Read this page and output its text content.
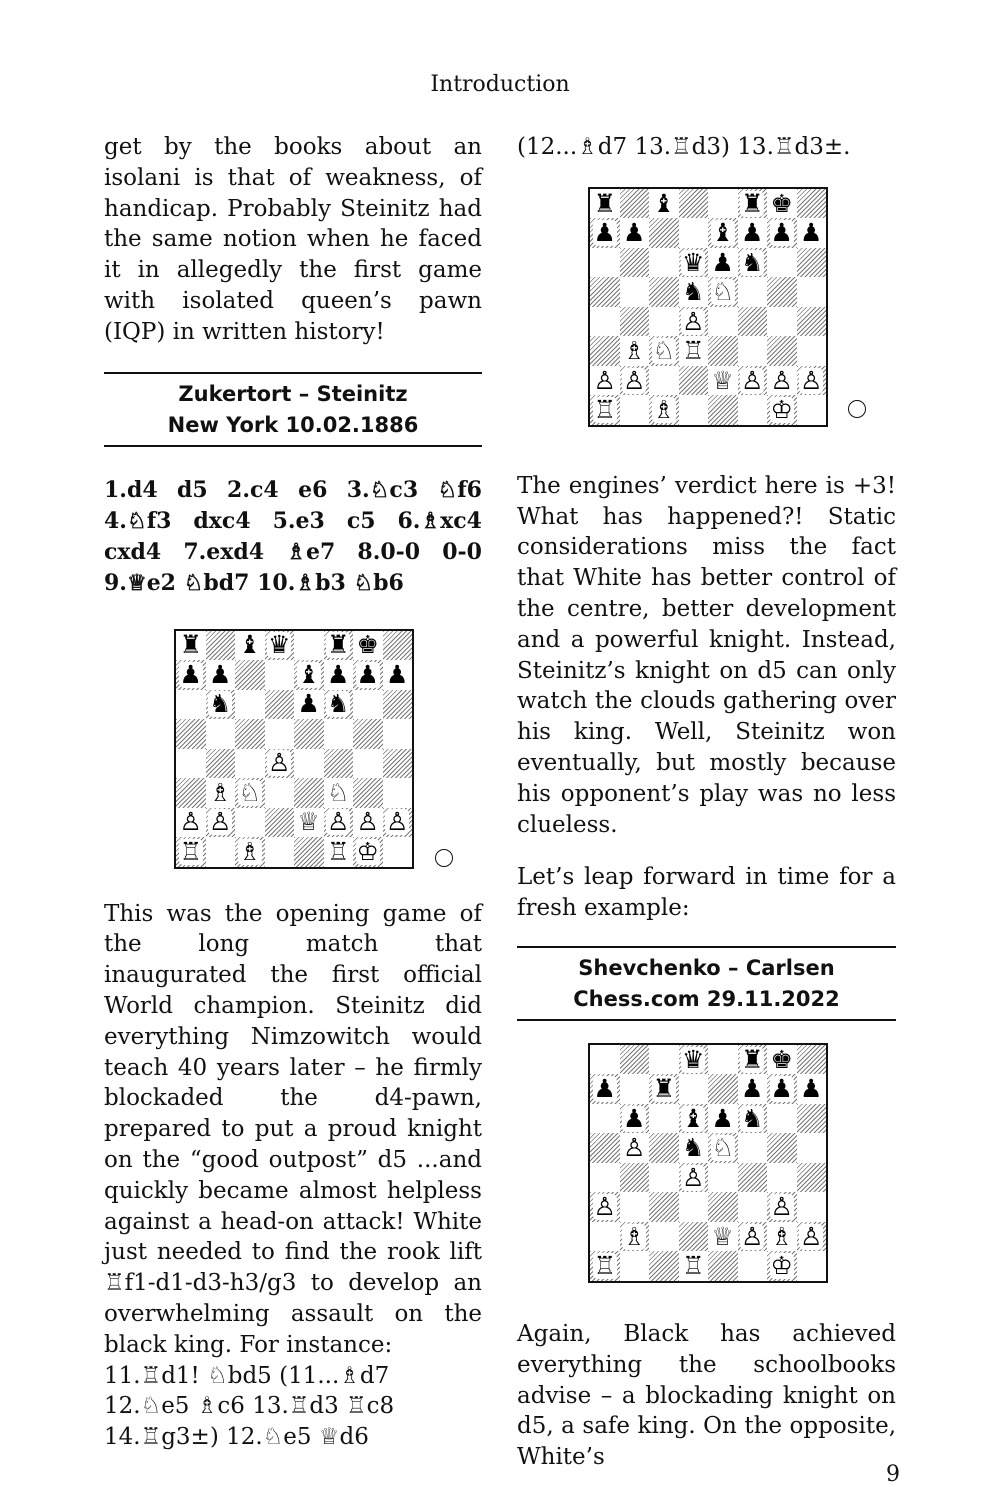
Introduction

get by the books about an isolani is that of weakness, of handicap. Probably Steinitz had the same notion when he faced it in allegedly the first game with isolated queen’s pawn (IQP) in written history!

Zukertort – Steinitz
New York 10.02.1886

1.d4 d5 2.c4 e6 3.♘c3 ♘f6 4.♘f3 dxc4 5.e3 c5 6.♗xc4 cxd4 7.exd4 ♗e7 8.0-0 0-0 9.♕e2 ♘bd7 10.♗b3 ♘b6

♜ ♝ ♛ ♜ ♚
♟ ♟	♝ ♟ ♟ ♟
♞	♟ ♞
♙
♗ ♘	♘
♙ ♙	♕ ♙ ♙ ♙
♖ ♗	♖ ♔

This was the opening game of the long match that inaugurated the first official World champion. Steinitz did everything Nimzowitch would teach 40 years later – he firmly blockaded the d4-pawn, prepared to put a proud knight on the “good outpost” d5 ...and quickly became almost helpless against a head-on attack! White just needed to find the rook lift ♖f1-d1-d3-h3/g3 to develop an overwhelming assault on the black king. For instance:

11.♖d1! ♘bd5 (11...♗d7 12.♘e5 ♗c6 13.♖d3 ♖c8 14.♖g3±) 12.♘e5 ♕d6

(12...♗d7 13.♖d3) 13.♖d3±.

♜ ♝	♜ ♚
♟ ♟	♝ ♟ ♟ ♟
♛ ♟ ♞
♞ ♘
♙
♗ ♘ ♖
♙ ♙	♕ ♙ ♙ ♙
♖ ♗	♔

The engines’ verdict here is +3! What has happened?! Static considerations miss the fact that White has better control of the centre, better development and a powerful knight. Instead, Steinitz’s knight on d5 can only watch the clouds gathering over his king. Well, Steinitz won eventually, but mostly because his opponent’s play was no less clueless.

Let’s leap forward in time for a fresh example:

Shevchenko – Carlsen
Chess.com 29.11.2022
♛ ♜ ♚
♟ ♜	♟ ♟ ♟
♟ ♝ ♟ ♞
♙ ♞ ♘
♙
♙	♙
♗	♕ ♙ ♗ ♙
♖	♖	♔

Again, Black has achieved everything the schoolbooks advise – a blockading knight on d5, a safe king. On the opposite, White’s

9
